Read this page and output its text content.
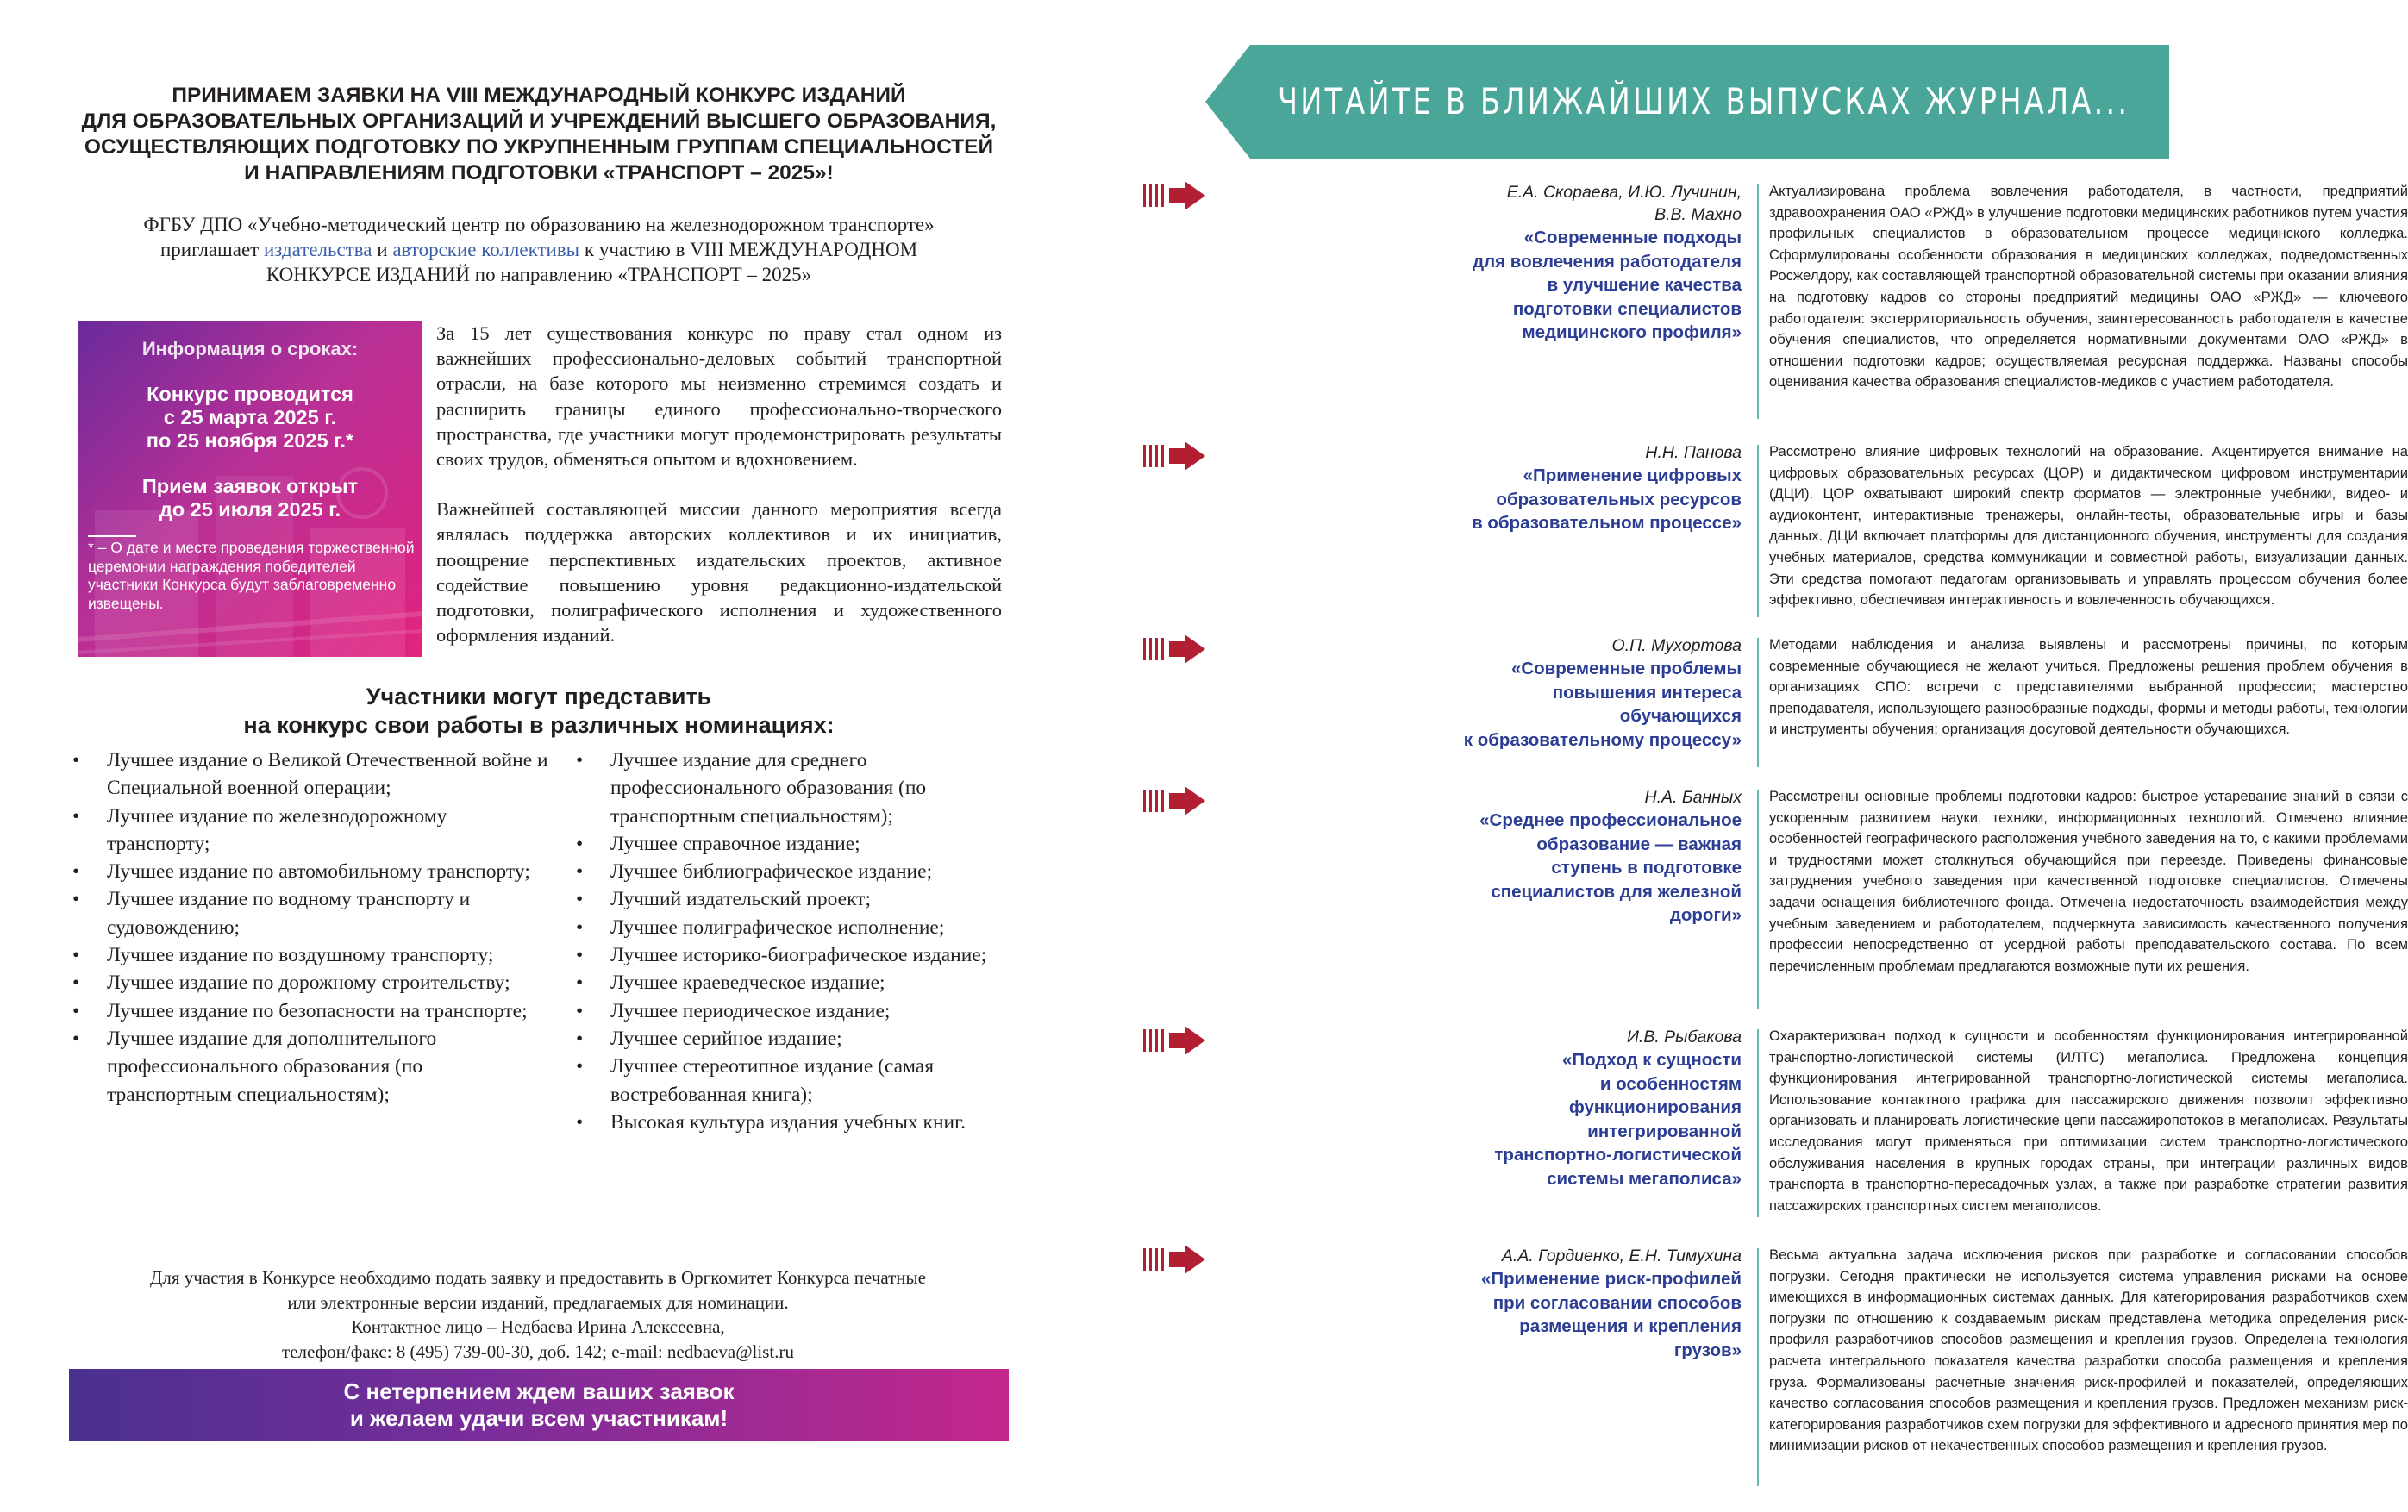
ПРИНИМАЕМ ЗАЯВКИ НА VIII МЕЖДУНАРОДНЫЙ КОНКУРС ИЗДАНИЙ
ДЛЯ ОБРАЗОВАТЕЛЬНЫХ ОРГАНИЗАЦИЙ И УЧРЕЖДЕНИЙ ВЫСШЕГО ОБРАЗОВАНИЯ,
ОСУЩЕСТВЛЯЮЩИХ ПОДГОТОВКУ ПО УКРУПНЕННЫМ ГРУППАМ СПЕЦИАЛЬНОСТЕЙ
И НАПРАВЛЕНИЯМ ПОДГОТОВКИ «ТРАНСПОРТ – 2025»!
ФГБУ ДПО «Учебно-методический центр по образованию на железнодорожном транспорте»
приглашает издательства и авторские коллективы к участию в VIII МЕЖДУНАРОДНОМ
КОНКУРСЕ ИЗДАНИЙ по направлению «ТРАНСПОРТ – 2025»
Информация о сроках:
Конкурс проводится
с 25 марта 2025 г.
по 25 ноября 2025 г.*
Прием заявок открыт
до 25 июля 2025 г.
* – О дате и месте проведения торжественной церемонии награждения победителей участники Конкурса будут заблаговременно извещены.

За 15 лет существования конкурс по праву стал одном из важнейших профессионально-деловых событий транспортной отрасли, на базе которого мы неизменно стремимся создать и расширить границы единого профессионально-творческого пространства, где участники могут продемонстрировать результаты своих трудов, обменяться опытом и вдохновением.

Важнейшей составляющей миссии данного мероприятия всегда являлась поддержка авторских коллективов и их инициатив, поощрение перспективных издательских проектов, активное содействие повышению уровня редакционно-издательской подготовки, полиграфического исполнения и художественного оформления изданий.

Участники могут представить
на конкурс свои работы в различных номинациях:
• Лучшее издание о Великой Отечественной войне и Специальной военной операции;
• Лучшее издание по железнодорожному транспорту;
• Лучшее издание по автомобильному транспорту;
• Лучшее издание по водному транспорту и судовождению;
• Лучшее издание по воздушному транспорту;
• Лучшее издание по дорожному строительству;
• Лучшее издание по безопасности на транспорте;
• Лучшее издание для дополнительного профессионального образования (по транспортным специальностям);
• Лучшее издание для среднего профессионального образования (по транспортным специальностям);
• Лучшее справочное издание;
• Лучшее библиографическое издание;
• Лучший издательский проект;
• Лучшее полиграфическое исполнение;
• Лучшее историко-биографическое издание;
• Лучшее краеведческое издание;
• Лучшее периодическое издание;
• Лучшее серийное издание;
• Лучшее стереотипное издание (самая востребованная книга);
• Высокая культура издания учебных книг.
Для участия в Конкурсе необходимо подать заявку и предоставить в Оргкомитет Конкурса печатные
или электронные версии изданий, предлагаемых для номинации.
Контактное лицо – Недбаева Ирина Алексеевна,
телефон/факс: 8 (495) 739-00-30, доб. 142; e-mail: nedbaeva@list.ru
С нетерпением ждем ваших заявок
и желаем удачи всем участникам!
ЧИТАЙТЕ В БЛИЖАЙШИХ ВЫПУСКАХ ЖУРНАЛА...
Е.А. Скораева, И.Ю. Лучинин,
В.В. Махно
«Современные подходы
для вовлечения работодателя
в улучшение качества
подготовки специалистов
медицинского профиля»
Актуализирована проблема вовлечения работодателя, в частности, предприятий здравоохранения ОАО «РЖД» в улучшение подготовки медицинских работников путем участия профильных специалистов в образовательном процессе медицинского колледжа. Сформулированы особенности образования в медицинских колледжах, подведомственных Росжелдору, как составляющей транспортной образовательной системы при оказании влияния на подготовку кадров со стороны предприятий медицины ОАО «РЖД» — ключевого работодателя: экстерриториальность обучения, заинтересованность работодателя в качестве обучения специалистов, что определяется нормативными документами ОАО «РЖД» в отношении подготовки кадров; осуществляемая ресурсная поддержка. Названы способы оценивания качества образования специалистов-медиков с участием работодателя.
Н.Н. Панова
«Применение цифровых
образовательных ресурсов
в образовательном процессе»
Рассмотрено влияние цифровых технологий на образование. Акцентируется внимание на цифровых образовательных ресурсах (ЦОР) и дидактическом цифровом инструментарии (ДЦИ). ЦОР охватывают широкий спектр форматов — электронные учебники, видео- и аудиоконтент, интерактивные тренажеры, онлайн-тесты, образовательные игры и базы данных. ДЦИ включает платформы для дистанционного обучения, инструменты для создания учебных материалов, средства коммуникации и совместной работы, визуализации данных. Эти средства помогают педагогам организовывать и управлять процессом обучения более эффективно, обеспечивая интерактивность и вовлеченность обучающихся.
О.П. Мухортова
«Современные проблемы
повышения интереса
обучающихся
к образовательному процессу»
Методами наблюдения и анализа выявлены и рассмотрены причины, по которым современные обучающиеся не желают учиться. Предложены решения проблем обучения в организациях СПО: встречи с представителями выбранной профессии; мастерство преподавателя, использующего разнообразные подходы, формы и методы работы, технологии и инструменты обучения; организация досуговой деятельности обучающихся.
Н.А. Банных
«Среднее профессиональное
образование — важная
ступень в подготовке
специалистов для железной
дороги»
Рассмотрены основные проблемы подготовки кадров: быстрое устаревание знаний в связи с ускоренным развитием науки, техники, информационных технологий. Отмечено влияние особенностей географического расположения учебного заведения на то, с какими проблемами и трудностями может столкнуться обучающийся при переезде. Приведены финансовые затруднения учебного заведения при качественной подготовке специалистов. Отмечены задачи оснащения библиотечного фонда. Отмечена недостаточность взаимодействия между учебным заведением и работодателем, подчеркнута зависимость качественного получения профессии непосредственно от усердной работы преподавательского состава. По всем перечисленным проблемам предлагаются возможные пути их решения.
И.В. Рыбакова
«Подход к сущности
и особенностям
функционирования
интегрированной
транспортно-логистической
системы мегаполиса»
Охарактеризован подход к сущности и особенностям функционирования интегрированной транспортно-логистической системы (ИЛТС) мегаполиса. Предложена концепция функционирования интегрированной транспортно-логистической системы мегаполиса. Использование контактного графика для пассажирского движения позволит эффективно организовать и планировать логистические цепи пассажиропотоков в мегаполисах. Результаты исследования могут применяться при оптимизации систем транспортно-логистического обслуживания населения в крупных городах страны, при интеграции различных видов транспорта в транспортно-пересадочных узлах, а также при разработке стратегии развития пассажирских транспортных систем мегаполисов.
А.А. Гордиенко, Е.Н. Тимухина
«Применение риск-профилей
при согласовании способов
размещения и крепления
грузов»
Весьма актуальна задача исключения рисков при разработке и согласовании способов погрузки. Сегодня практически не используется система управления рисками на основе имеющихся в информационных системах данных. Для категорирования разработчиков схем погрузки по отношению к создаваемым рискам представлена методика определения риск-профиля разработчиков способов размещения и крепления грузов. Определена технология расчета интегрального показателя качества разработки способа размещения и крепления груза. Формализованы расчетные значения риск-профилей и показателей, определяющих качество согласования способов размещения и крепления грузов. Предложен механизм риск-категорирования разработчиков схем погрузки для эффективного и адресного принятия мер по минимизации рисков от некачественных способов размещения и крепления грузов.
